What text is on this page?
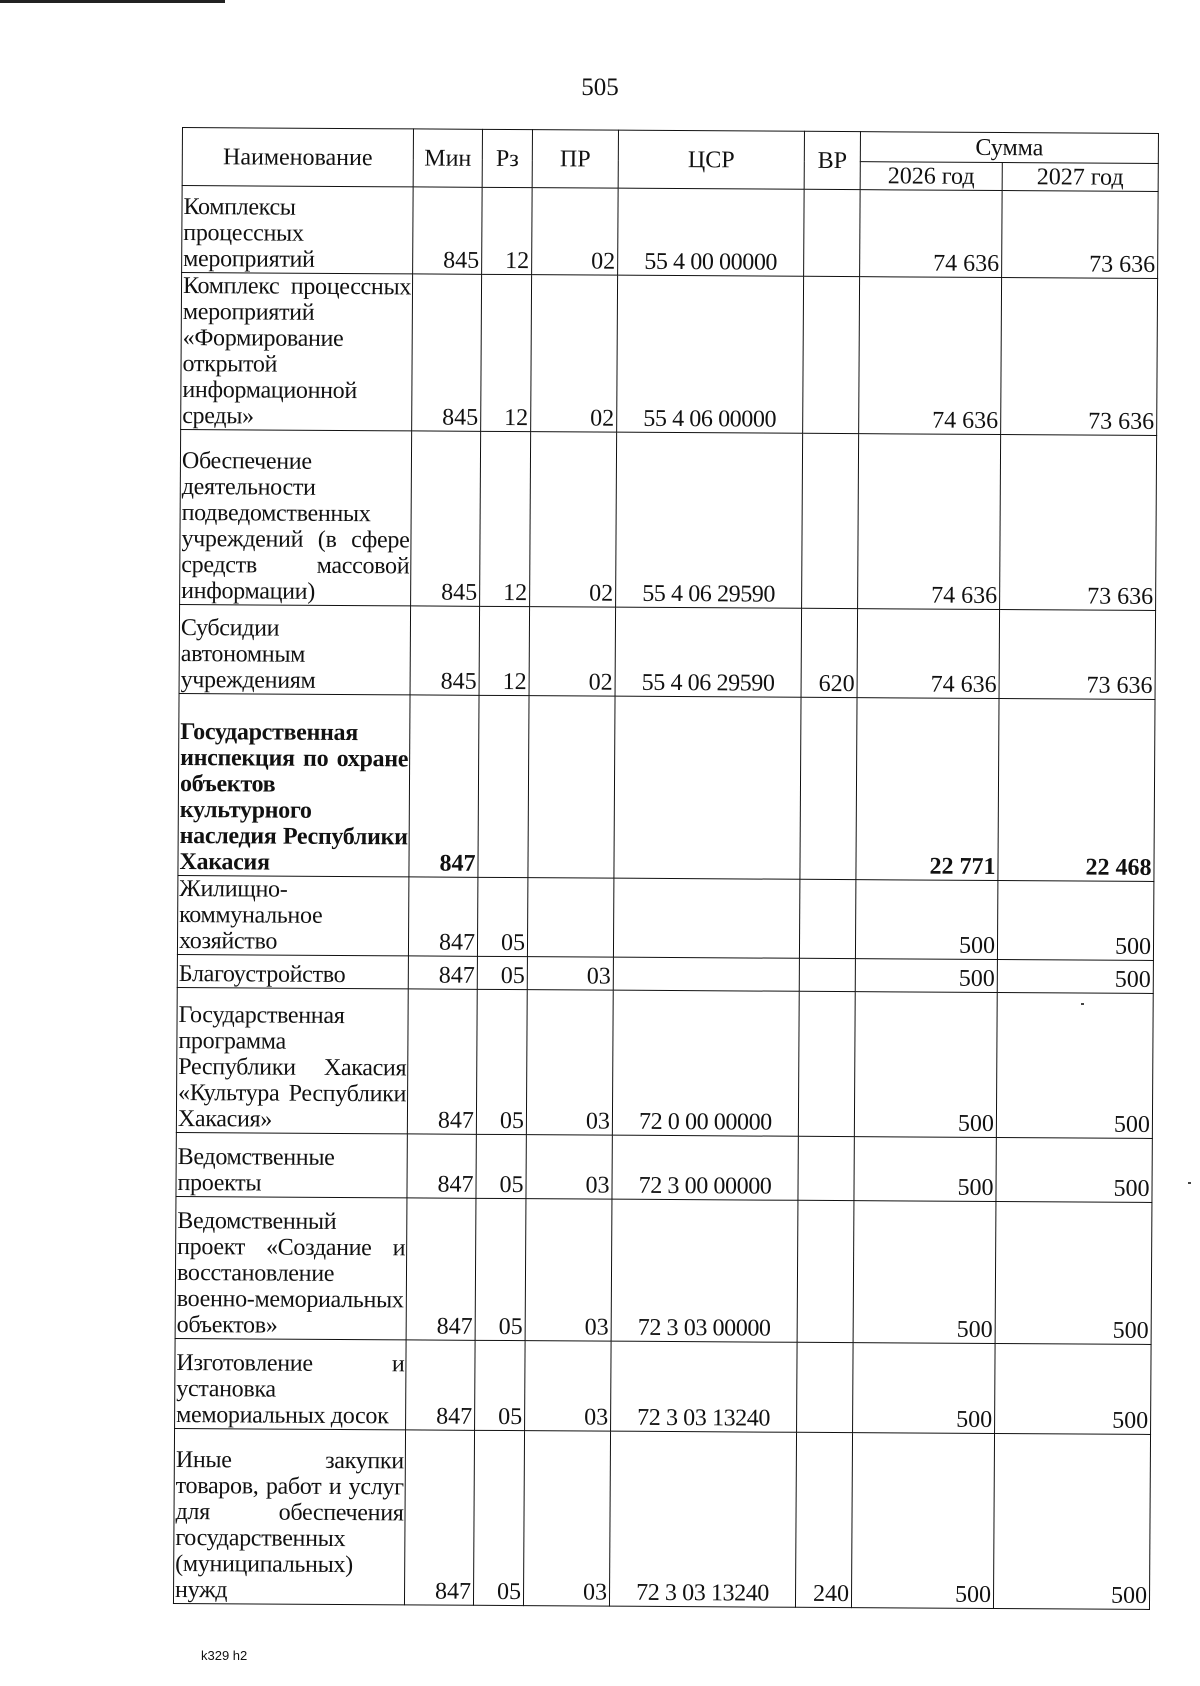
505
Наименование	Мин	Рз	ПР	ЦСР	ВР	Сумма	
						2026 год	2027 год
Комплексы процессных мероприятий	845	12	02	55 4 00 00000		74 636	73 636
Комплекс процессных мероприятий «Формирование открытой информационной среды»	845	12	02	55 4 06 00000		74 636	73 636
Обеспечение деятельности подведомственных учреждений (в сфере средств массовой информации)	845	12	02	55 4 06 29590		74 636	73 636
Субсидии автономным учреждениям	845	12	02	55 4 06 29590	620	74 636	73 636
Государственная инспекция по охране объектов культурного наследия Республики Хакасия	847					22 771	22 468
Жилищно-коммунальное хозяйство	847	05				500	500
Благоустройство	847	05	03			500	500
Государственная программа Республики Хакасия «Культура Республики Хакасия»	847	05	03	72 0 00 00000		500	500
Ведомственные проекты	847	05	03	72 3 00 00000		500	500
Ведомственный проект «Создание и восстановление военно-мемориальных объектов»	847	05	03	72 3 03 00000		500	500
Изготовление и установка мемориальных досок	847	05	03	72 3 03 13240		500	500
Иные закупки товаров, работ и услуг для обеспечения государственных (муниципальных) нужд	847	05	03	72 3 03 13240	240	500	500
k329 h2
